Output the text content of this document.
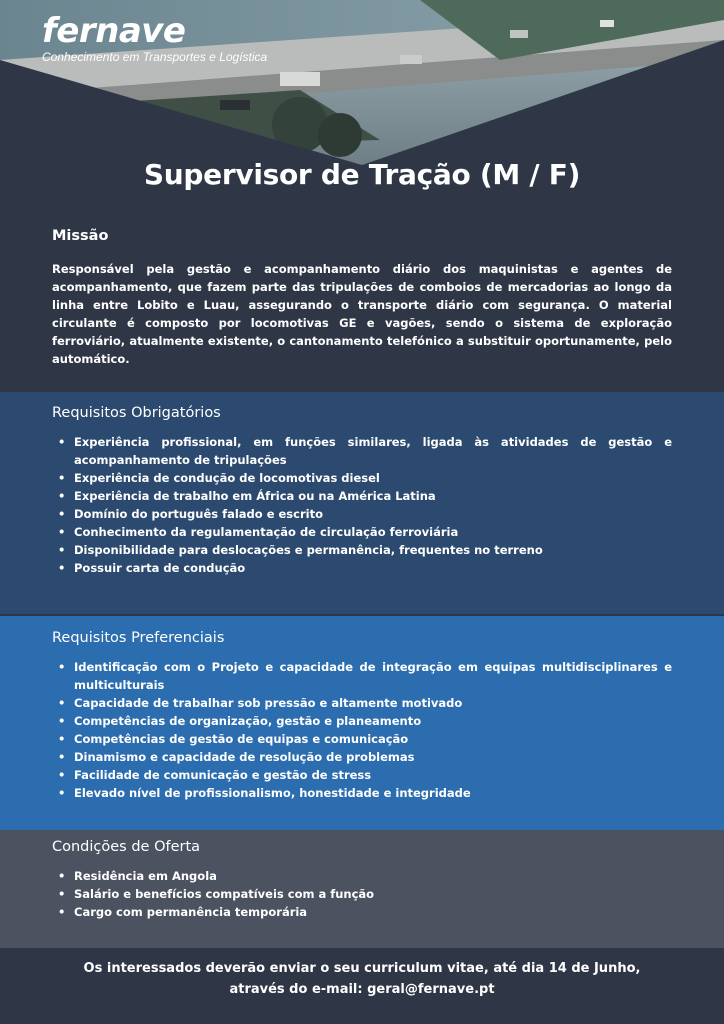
fernave
Conhecimento em Transportes e Logística
Supervisor de Tração (M / F)
Missão
Responsável pela gestão e acompanhamento diário dos maquinistas e agentes de acompanhamento, que fazem parte das tripulações de comboios de mercadorias ao longo da linha entre Lobito e Luau, assegurando o transporte diário com segurança. O material circulante é composto por locomotivas GE e vagões, sendo o sistema de exploração ferroviário, atualmente existente, o cantonamento telefónico a substituir oportunamente, pelo automático.
Requisitos Obrigatórios
• Experiência profissional, em funções similares, ligada às atividades de gestão e acompanhamento de tripulações
• Experiência de condução de locomotivas diesel
• Experiência de trabalho em África ou na América Latina
• Domínio do português falado e escrito
• Conhecimento da regulamentação de circulação ferroviária
• Disponibilidade para deslocações e permanência, frequentes no terreno
• Possuir carta de condução
Requisitos Preferenciais
• Identificação com o Projeto e capacidade de integração em equipas multidisciplinares e multiculturais
• Capacidade de trabalhar sob pressão e altamente motivado
• Competências de organização, gestão e planeamento
• Competências de gestão de equipas e comunicação
• Dinamismo e capacidade de resolução de problemas
• Facilidade de comunicação e gestão de stress
• Elevado nível de profissionalismo, honestidade e integridade
Condições de Oferta
• Residência em Angola
• Salário e benefícios compatíveis com a função
• Cargo com permanência temporária
Os interessados deverão enviar o seu curriculum vitae, até dia 14 de Junho,
através do e-mail: geral@fernave.pt
